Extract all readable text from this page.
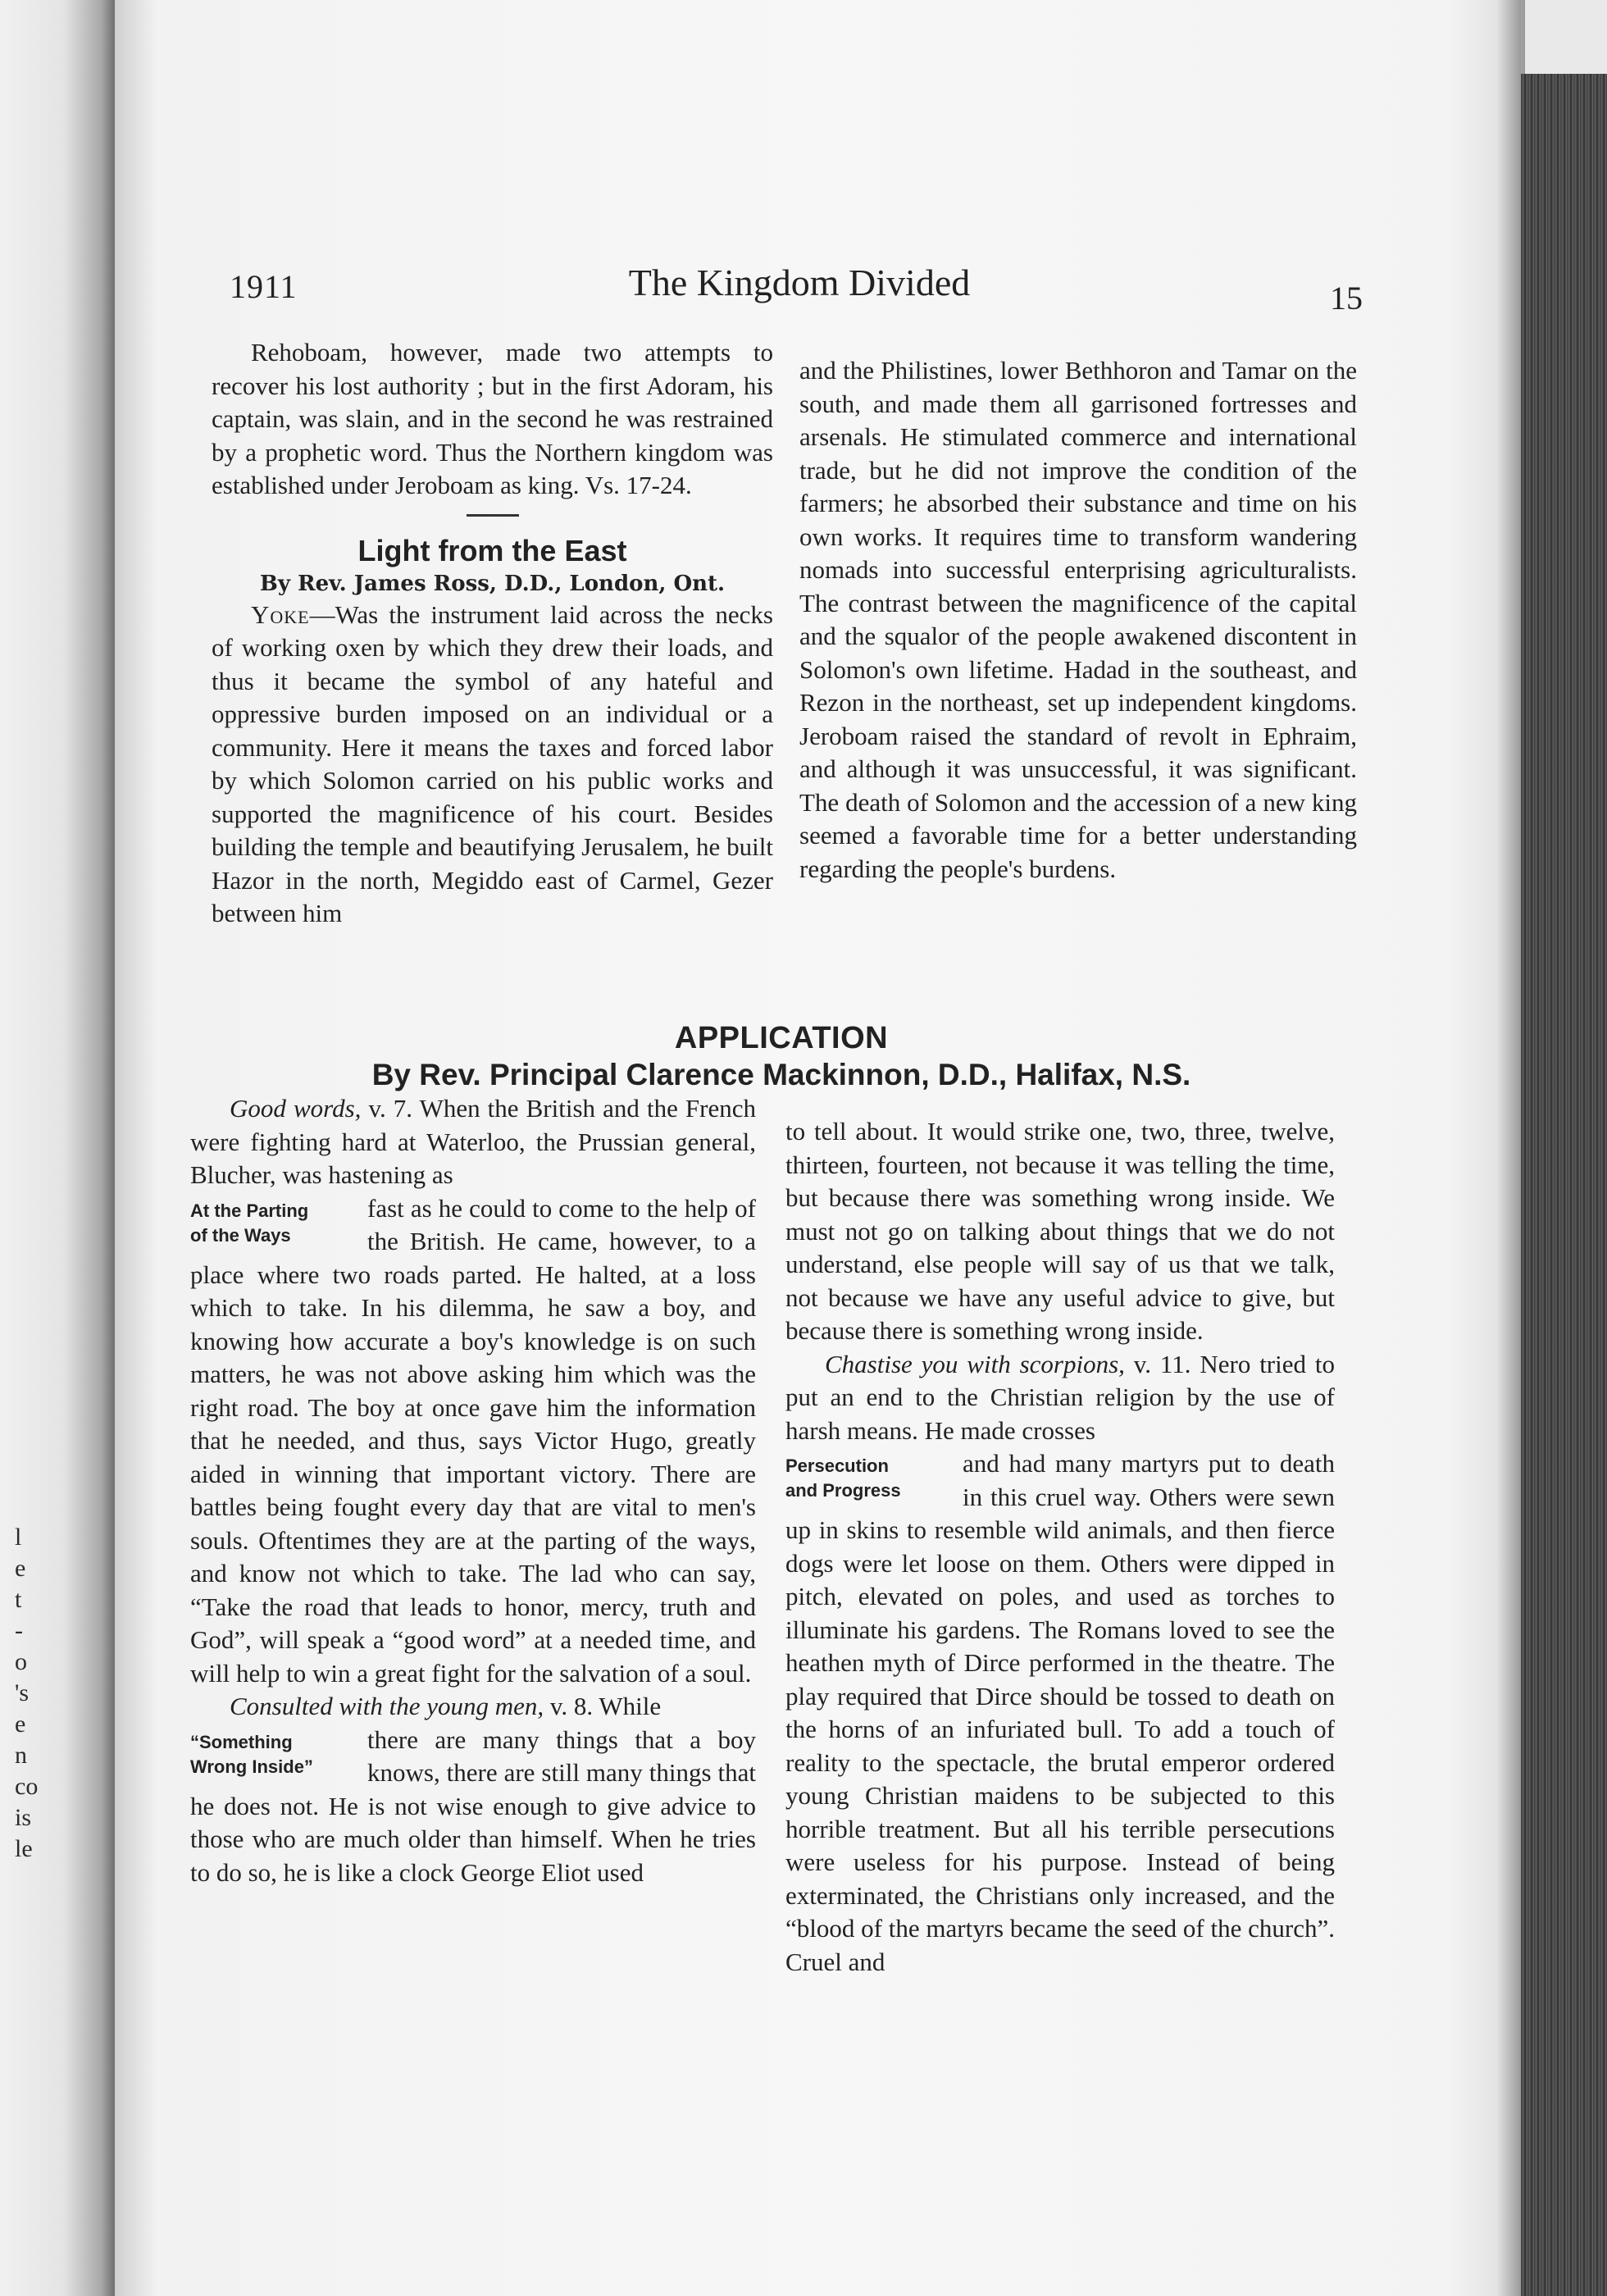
l
e
t
-
o
's
e
n
co
is
le
1911	The Kingdom Divided	15

Rehoboam, however, made two attempts to recover his lost authority ; but in the first Adoram, his captain, was slain, and in the second he was restrained by a prophetic word. Thus the Northern kingdom was established under Jeroboam as king. Vs. 17-24.

Light from the East
By Rev. James Ross, D.D., London, Ont.

Yoke—Was the instrument laid across the necks of working oxen by which they drew their loads, and thus it became the symbol of any hateful and oppressive burden imposed on an individual or a community. Here it means the taxes and forced labor by which Solomon carried on his public works and supported the magnificence of his court. Besides building the temple and beautifying Jerusalem, he built Hazor in the north, Megiddo east of Carmel, Gezer between him

and the Philistines, lower Bethhoron and Tamar on the south, and made them all garrisoned fortresses and arsenals. He stimulated commerce and international trade, but he did not improve the condition of the farmers; he absorbed their substance and time on his own works. It requires time to transform wandering nomads into successful enterprising agriculturalists. The contrast between the magnificence of the capital and the squalor of the people awakened discontent in Solomon's own lifetime. Hadad in the southeast, and Rezon in the northeast, set up independent kingdoms. Jeroboam raised the standard of revolt in Ephraim, and although it was unsuccessful, it was significant. The death of Solomon and the accession of a new king seemed a favorable time for a better understanding regarding the people's burdens.

APPLICATION
By Rev. Principal Clarence Mackinnon, D.D., Halifax, N.S.

Good words, v. 7. When the British and the French were fighting hard at Waterloo, the Prussian general, Blucher, was hastening as

At the Parting
of the Ways

fast as he could to come to the help of the British. He came, however, to a place where two roads parted. He halted, at a loss which to take. In his dilemma, he saw a boy, and knowing how accurate a boy's knowledge is on such matters, he was not above asking him which was the right road. The boy at once gave him the information that he needed, and thus, says Victor Hugo, greatly aided in winning that important victory. There are battles being fought every day that are vital to men's souls. Oftentimes they are at the parting of the ways, and know not which to take. The lad who can say, “Take the road that leads to honor, mercy, truth and God”, will speak a “good word” at a needed time, and will help to win a great fight for the salvation of a soul.

Consulted with the young men, v. 8. While

“Something
Wrong Inside”

there are many things that a boy knows, there are still many things that he does not. He is not wise enough to give advice to those who are much older than himself. When he tries to do so, he is like a clock George Eliot used

to tell about. It would strike one, two, three, twelve, thirteen, fourteen, not because it was telling the time, but because there was something wrong inside. We must not go on talking about things that we do not understand, else people will say of us that we talk, not because we have any useful advice to give, but because there is something wrong inside.

Chastise you with scorpions, v. 11. Nero tried to put an end to the Christian religion by the use of harsh means. He made crosses

Persecution
and Progress

and had many martyrs put to death in this cruel way. Others were sewn up in skins to resemble wild animals, and then fierce dogs were let loose on them. Others were dipped in pitch, elevated on poles, and used as torches to illuminate his gardens. The Romans loved to see the heathen myth of Dirce performed in the theatre. The play required that Dirce should be tossed to death on the horns of an infuriated bull. To add a touch of reality to the spectacle, the brutal emperor ordered young Christian maidens to be subjected to this horrible treatment. But all his terrible persecutions were useless for his purpose. Instead of being exterminated, the Christians only increased, and the “blood of the martyrs became the seed of the church”. Cruel and
